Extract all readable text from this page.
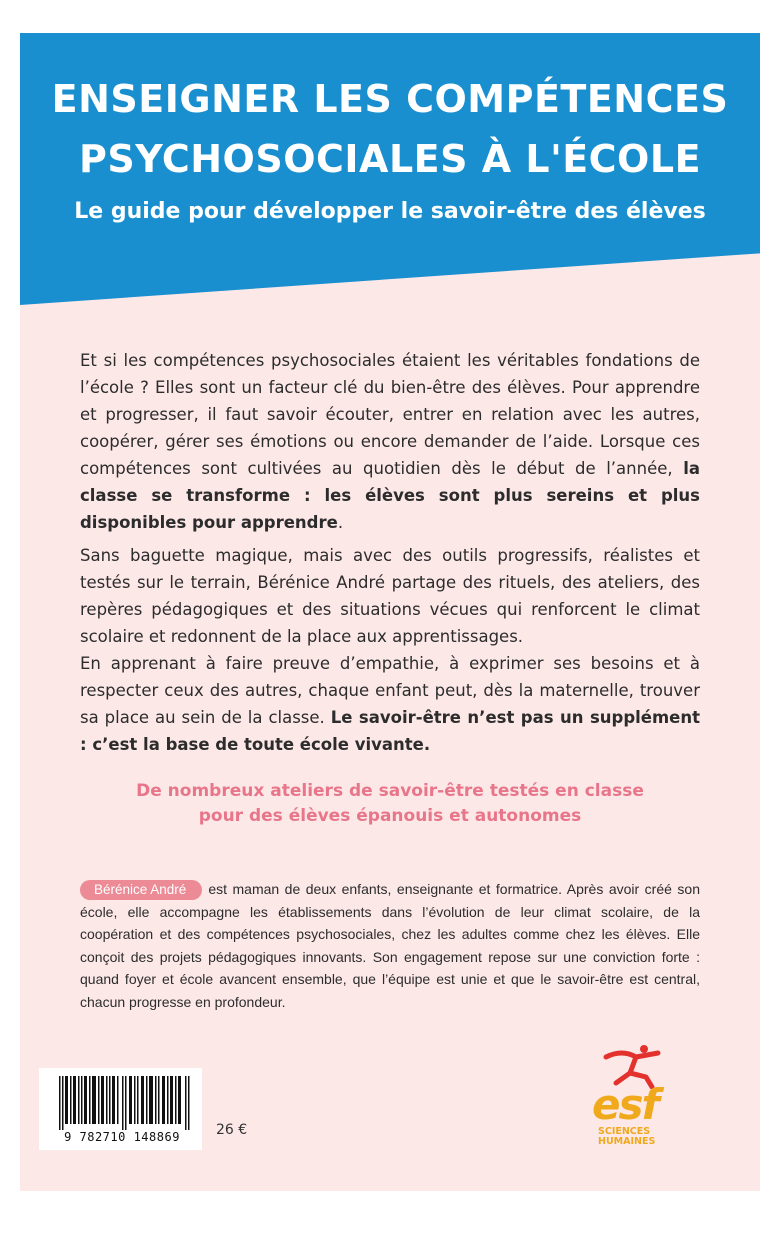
ENSEIGNER LES COMPÉTENCES
PSYCHOSOCIALES À L'ÉCOLE

Le guide pour développer le savoir-être des élèves

Et si les compétences psychosociales étaient les véritables fondations de l’école ? Elles sont un facteur clé du bien-être des élèves. Pour apprendre et progresser, il faut savoir écouter, entrer en relation avec les autres, coopérer, gérer ses émotions ou encore demander de l’aide. Lorsque ces compétences sont cultivées au quotidien dès le début de l’année, la classe se transforme : les élèves sont plus sereins et plus disponibles pour apprendre.

Sans baguette magique, mais avec des outils progressifs, réalistes et testés sur le terrain, Bérénice André partage des rituels, des ateliers, des repères pédagogiques et des situations vécues qui renforcent le climat scolaire et redonnent de la place aux apprentissages.

En apprenant à faire preuve d’empathie, à exprimer ses besoins et à respecter ceux des autres, chaque enfant peut, dès la maternelle, trouver sa place au sein de la classe. Le savoir-être n’est pas un supplément : c’est la base de toute école vivante.

De nombreux ateliers de savoir-être testés en classe
pour des élèves épanouis et autonomes

Bérénice André est maman de deux enfants, enseignante et formatrice. Après avoir créé son école, elle accompagne les établissements dans l’évolution de leur climat scolaire, de la coopération et des compétences psychosociales, chez les adultes comme chez les élèves. Elle conçoit des projets pédagogiques innovants. Son engagement repose sur une conviction forte : quand foyer et école avancent ensemble, que l’équipe est unie et que le savoir-être est central, chacun progresse en profondeur.

9 782710 148869	26 €
esf
SCIENCES
HUMAINES
